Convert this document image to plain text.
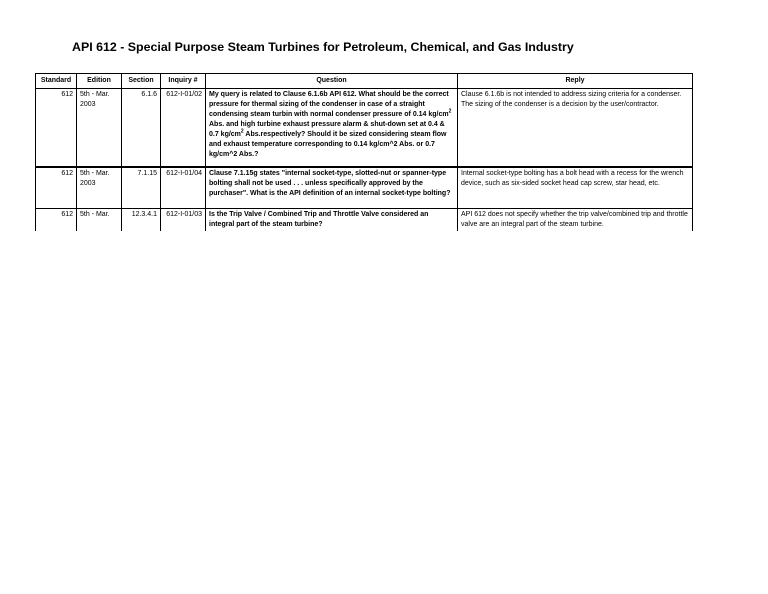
API 612 - Special Purpose Steam Turbines for Petroleum, Chemical, and Gas Industry
Standard	Edition	Section	Inquiry #	Question	Reply
612	5th - Mar. 2003	6.1.6	612-I-01/02	My query is related to Clause 6.1.6b API 612. What should be the correct pressure for thermal sizing of the condenser in case of a straight condensing steam turbin with normal condenser pressure of 0.14 $kg/cm^2$ Abs. and high turbine exhaust pressure alarm & shut-down set at 0.4 & 0.7 $kg/cm^2$ Abs.respectively? Should it be sized considering steam flow and exhaust temperature corresponding to 0.14 kg/cm^2 Abs. or 0.7 kg/cm^2 Abs.?	Clause 6.1.6b is not intended to address sizing criteria for a condenser. The sizing of the condenser is a decision by the user/contractor.
612	5th - Mar. 2003	7.1.15	612-I-01/04	Clause 7.1.15g states "internal socket-type, slotted-nut or spanner-type bolting shall not be used . . . unless specifically approved by the purchaser". What is the API definition of an internal socket-type bolting?	Internal socket-type bolting has a bolt head with a recess for the wrench device, such as six-sided socket head cap screw, star head, etc.
612	5th - Mar.	12.3.4.1	612-I-01/03	Is the Trip Valve / Combined Trip and Throttle Valve considered an integral part of the steam turbine?	API 612 does not specify whether the trip valve/combined trip and throttle valve are an integral part of the steam turbine.
